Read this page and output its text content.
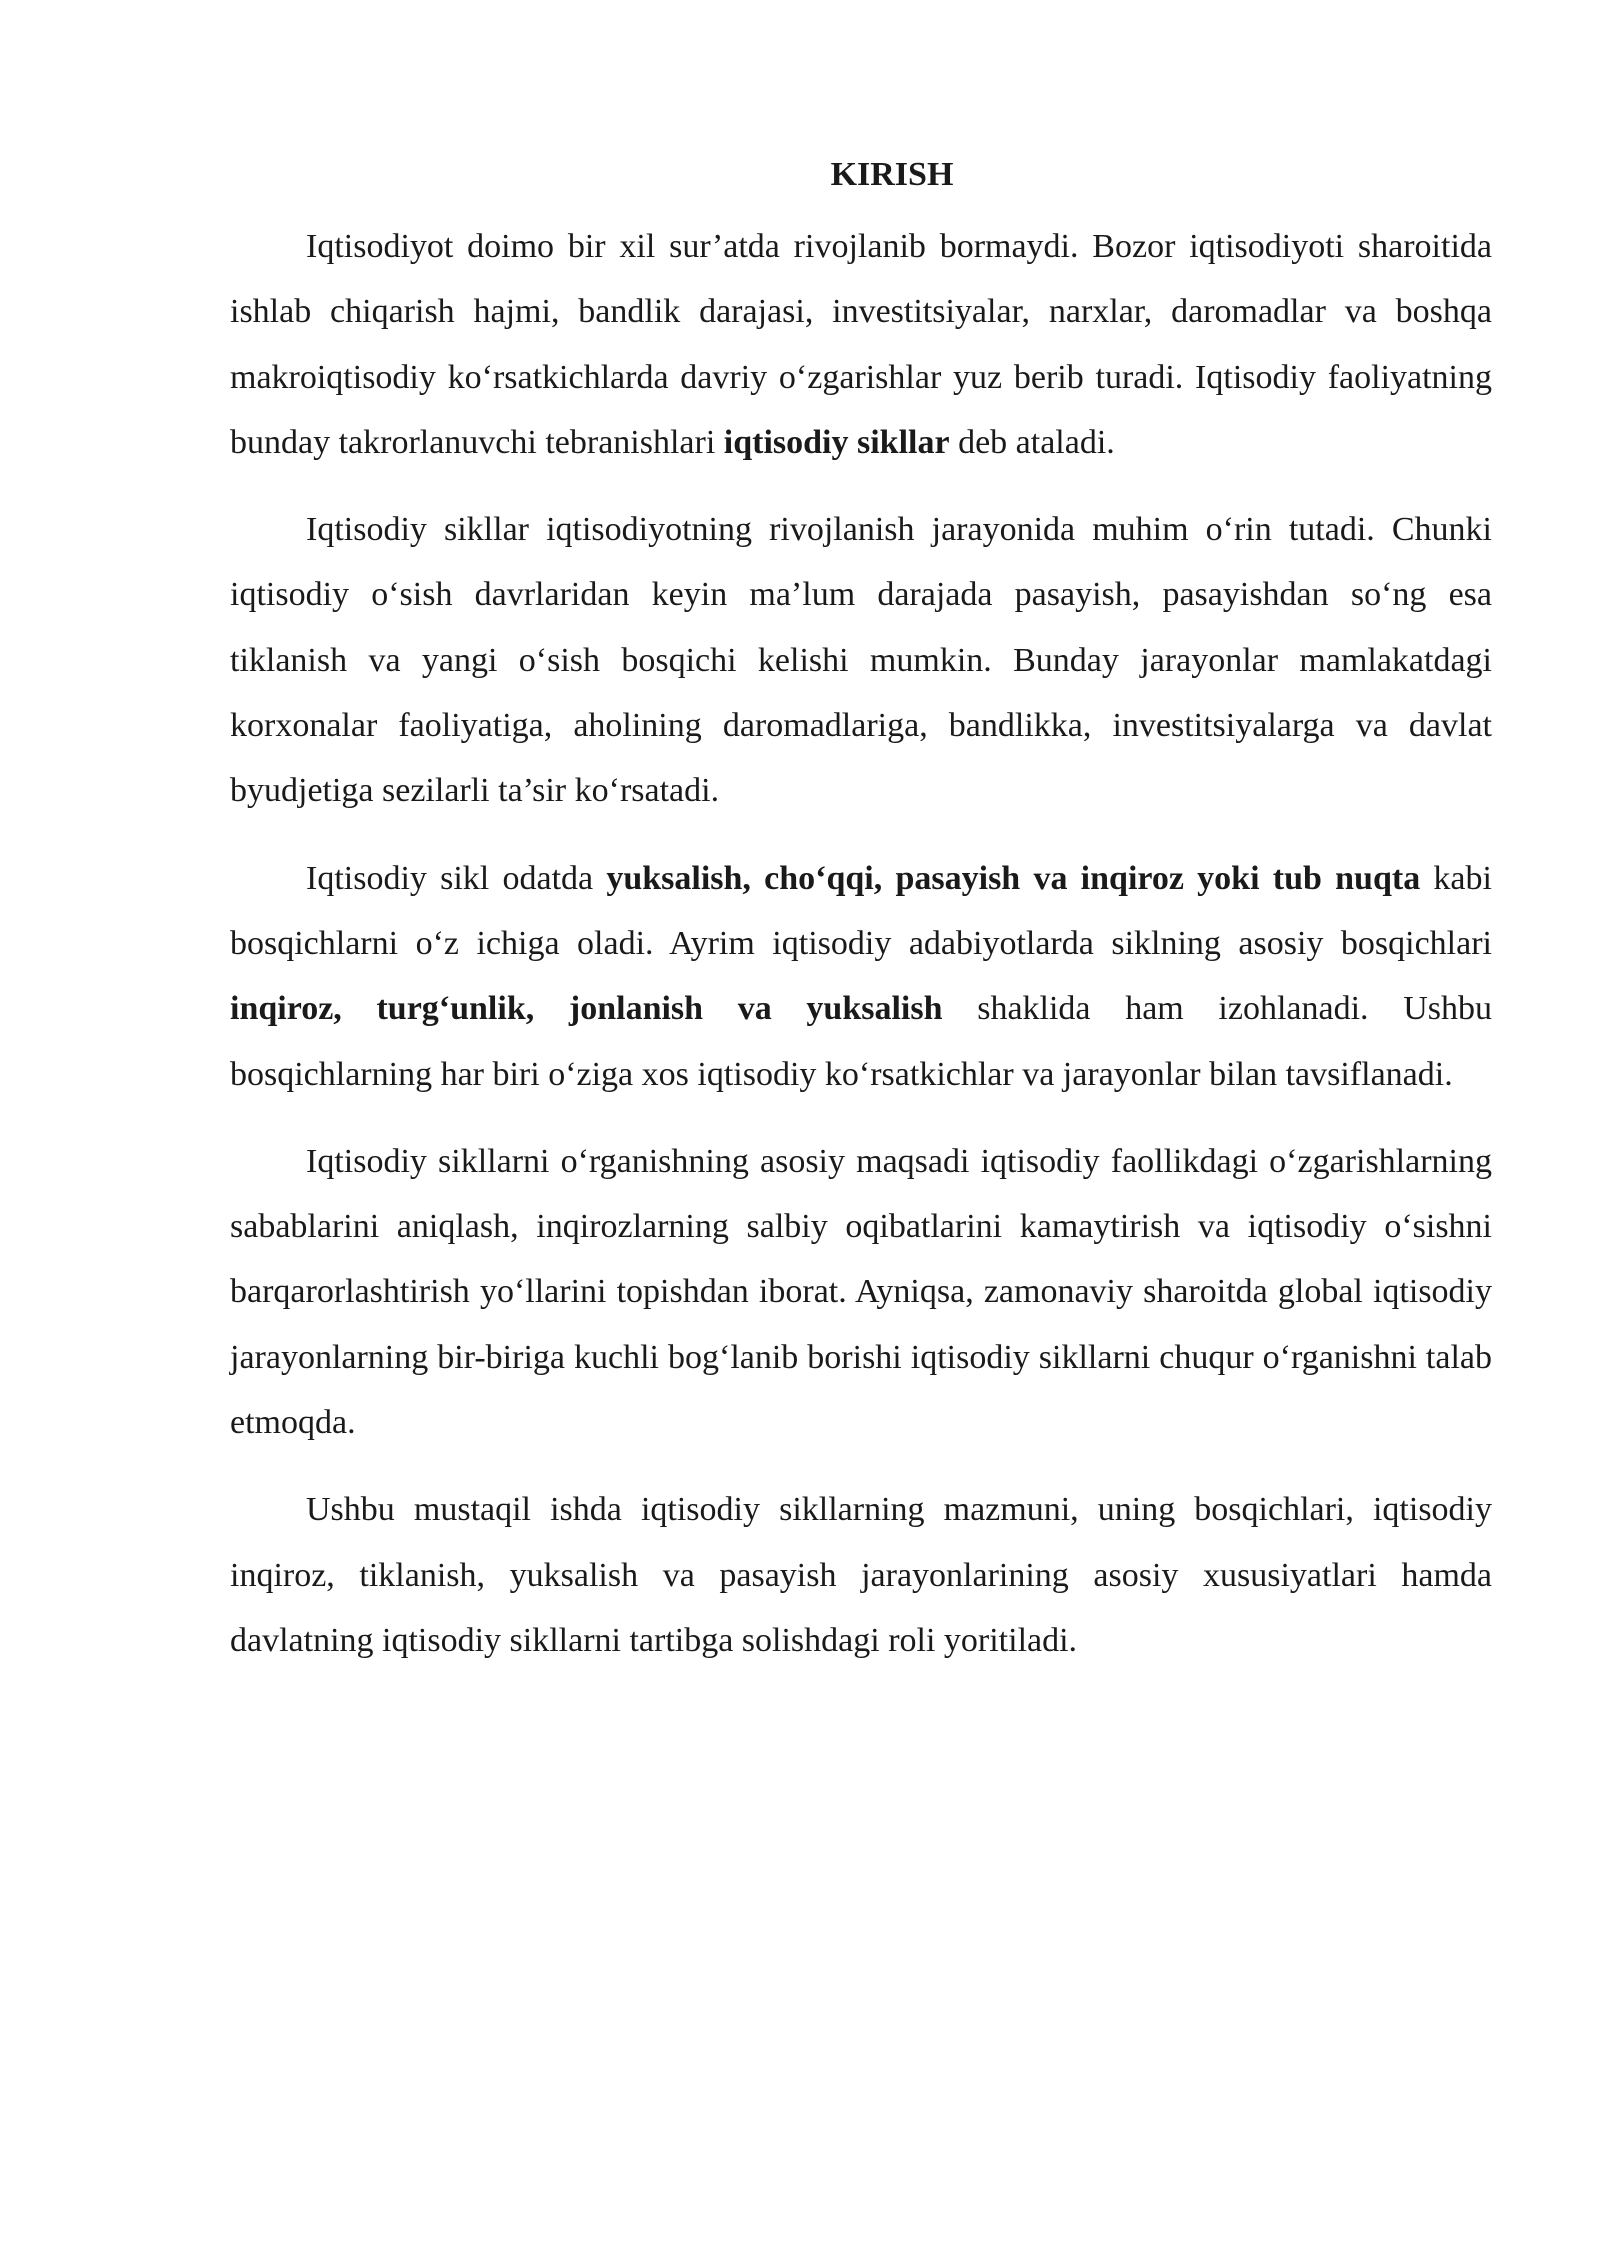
KIRISH

Iqtisodiyot doimo bir xil sur’atda rivojlanib bormaydi. Bozor iqtisodiyoti sharoitida ishlab chiqarish hajmi, bandlik darajasi, investitsiyalar, narxlar, daromadlar va boshqa makroiqtisodiy koʻrsatkichlarda davriy oʻzgarishlar yuz berib turadi. Iqtisodiy faoliyatning bunday takrorlanuvchi tebranishlari iqtisodiy sikllar deb ataladi.

Iqtisodiy sikllar iqtisodiyotning rivojlanish jarayonida muhim oʻrin tutadi. Chunki iqtisodiy oʻsish davrlaridan keyin ma’lum darajada pasayish, pasayishdan soʻng esa tiklanish va yangi oʻsish bosqichi kelishi mumkin. Bunday jarayonlar mamlakatdagi korxonalar faoliyatiga, aholining daromadlariga, bandlikka, investitsiyalarga va davlat byudjetiga sezilarli ta’sir koʻrsatadi.

Iqtisodiy sikl odatda yuksalish, choʻqqi, pasayish va inqiroz yoki tub nuqta kabi bosqichlarni oʻz ichiga oladi. Ayrim iqtisodiy adabiyotlarda siklning asosiy bosqichlari inqiroz, turgʻunlik, jonlanish va yuksalish shaklida ham izohlanadi. Ushbu bosqichlarning har biri oʻziga xos iqtisodiy koʻrsatkichlar va jarayonlar bilan tavsiflanadi.

Iqtisodiy sikllarni oʻrganishning asosiy maqsadi iqtisodiy faollikdagi oʻzgarishlarning sabablarini aniqlash, inqirozlarning salbiy oqibatlarini kamaytirish va iqtisodiy oʻsishni barqarorlashtirish yoʻllarini topishdan iborat. Ayniqsa, zamonaviy sharoitda global iqtisodiy jarayonlarning bir-biriga kuchli bogʻlanib borishi iqtisodiy sikllarni chuqur oʻrganishni talab etmoqda.

Ushbu mustaqil ishda iqtisodiy sikllarning mazmuni, uning bosqichlari, iqtisodiy inqiroz, tiklanish, yuksalish va pasayish jarayonlarining asosiy xususiyatlari hamda davlatning iqtisodiy sikllarni tartibga solishdagi roli yoritiladi.
